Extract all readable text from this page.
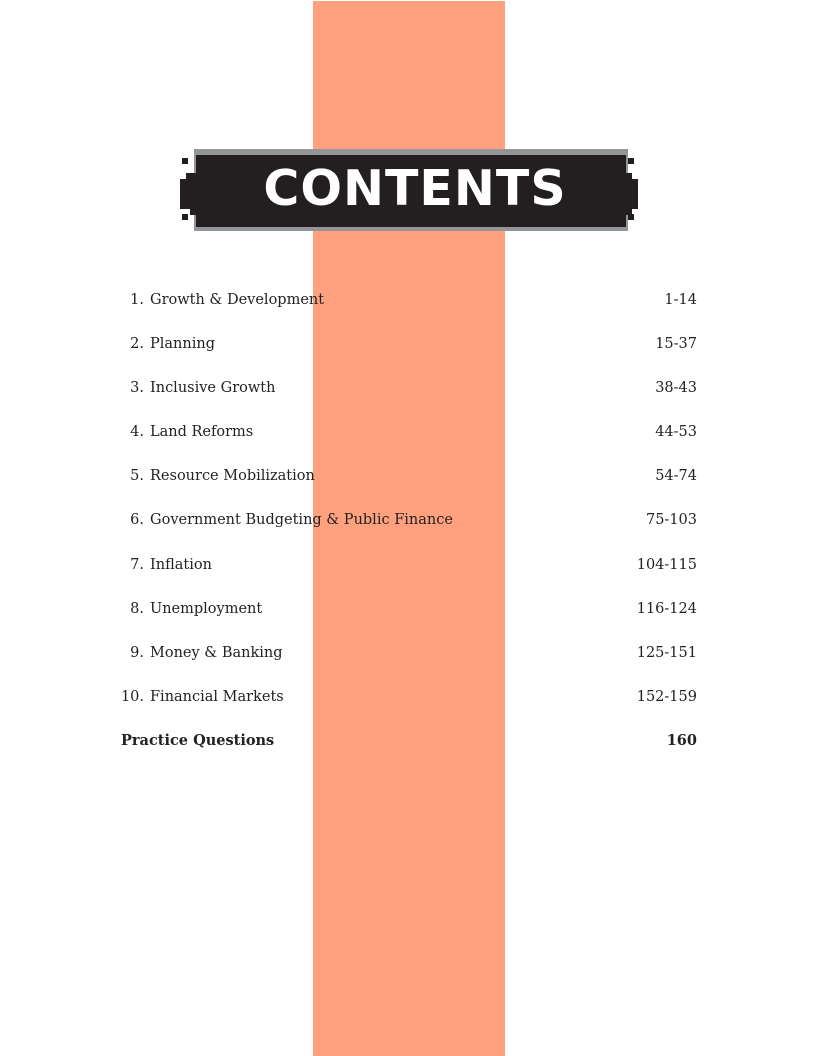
CONTENTS
1. Growth & Development	1-14
2. Planning	15-37
3. Inclusive Growth	38-43
4. Land Reforms	44-53
5. Resource Mobilization	54-74
6. Government Budgeting & Public Finance	75-103
7. Inflation	104-115
8. Unemployment	116-124
9. Money & Banking	125-151
10. Financial Markets	152-159
Practice Questions	160
